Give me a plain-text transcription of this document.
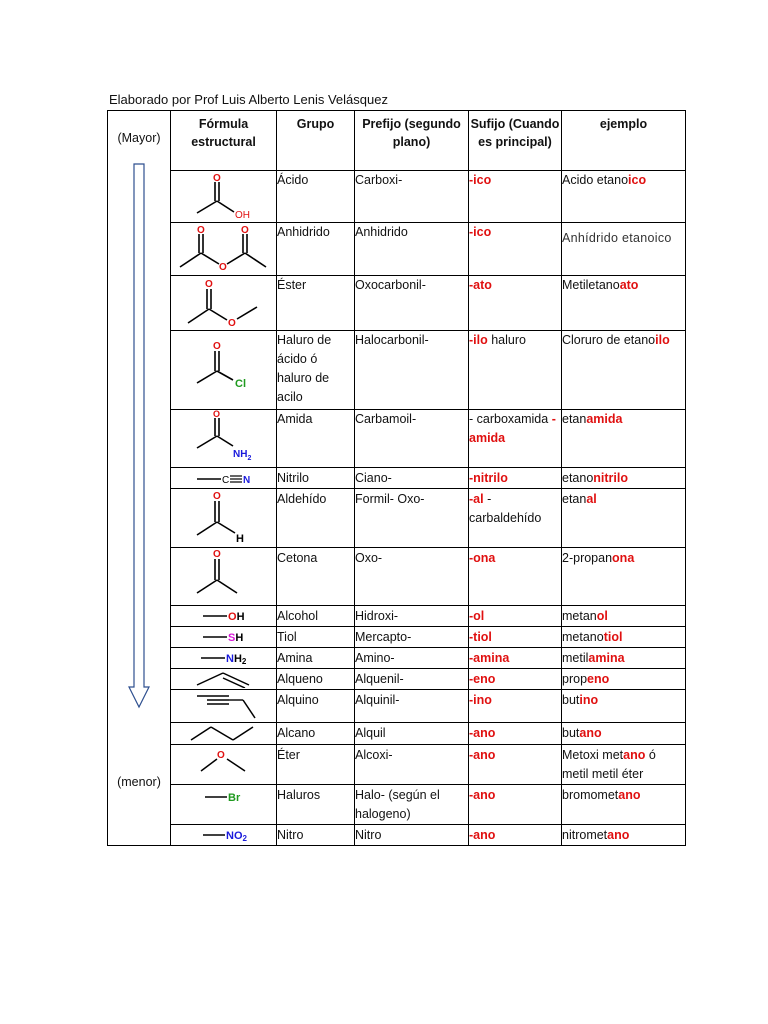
Elaborado por Prof Luis Alberto Lenis Velásquez
(Mayor)
(menor)	Fórmula estructural	Grupo	Prefijo (segundo plano)	Sufijo (Cuando es principal)	ejemplo

O
OH	Ácido	Carboxi-	-ico	Acido etanoico

O O
O	Anhidrido	Anhidrido	-ico	Anhídrido etanoico

O
O	Éster	Oxocarbonil-	-ato	Metiletanoato

O
Cl	Haluro de ácido ó haluro de acilo	Halocarbonil-	-ilo haluro	Cloruro de etanoilo

O
$NH_2$	Amida	Carbamoil-	- carboxamida -amida	etanamida

C N	Nitrilo	Ciano-	-nitrilo	etanonitrilo

O
H	Aldehído	Formil- Oxo-	-al - carbaldehído	etanal

O	Cetona	Oxo-	-ona	2-propanona

OH	Alcohol	Hidroxi-	-ol	metanol

SH	Tiol	Mercapto-	-tiol	metanotiol

NH2	Amina	Amino-	-amina	metilamina

	Alqueno	Alquenil-	-eno	propeno

	Alquino	Alquinil-	-ino	butino

	Alcano	Alquil	-ano	butano

O	Éter	Alcoxi-	-ano	Metoxi metano ó metil metil éter

Br	Haluros	Halo- (según el halogeno)	-ano	bromometano

NO2	Nitro	Nitro	-ano	nitrometano
